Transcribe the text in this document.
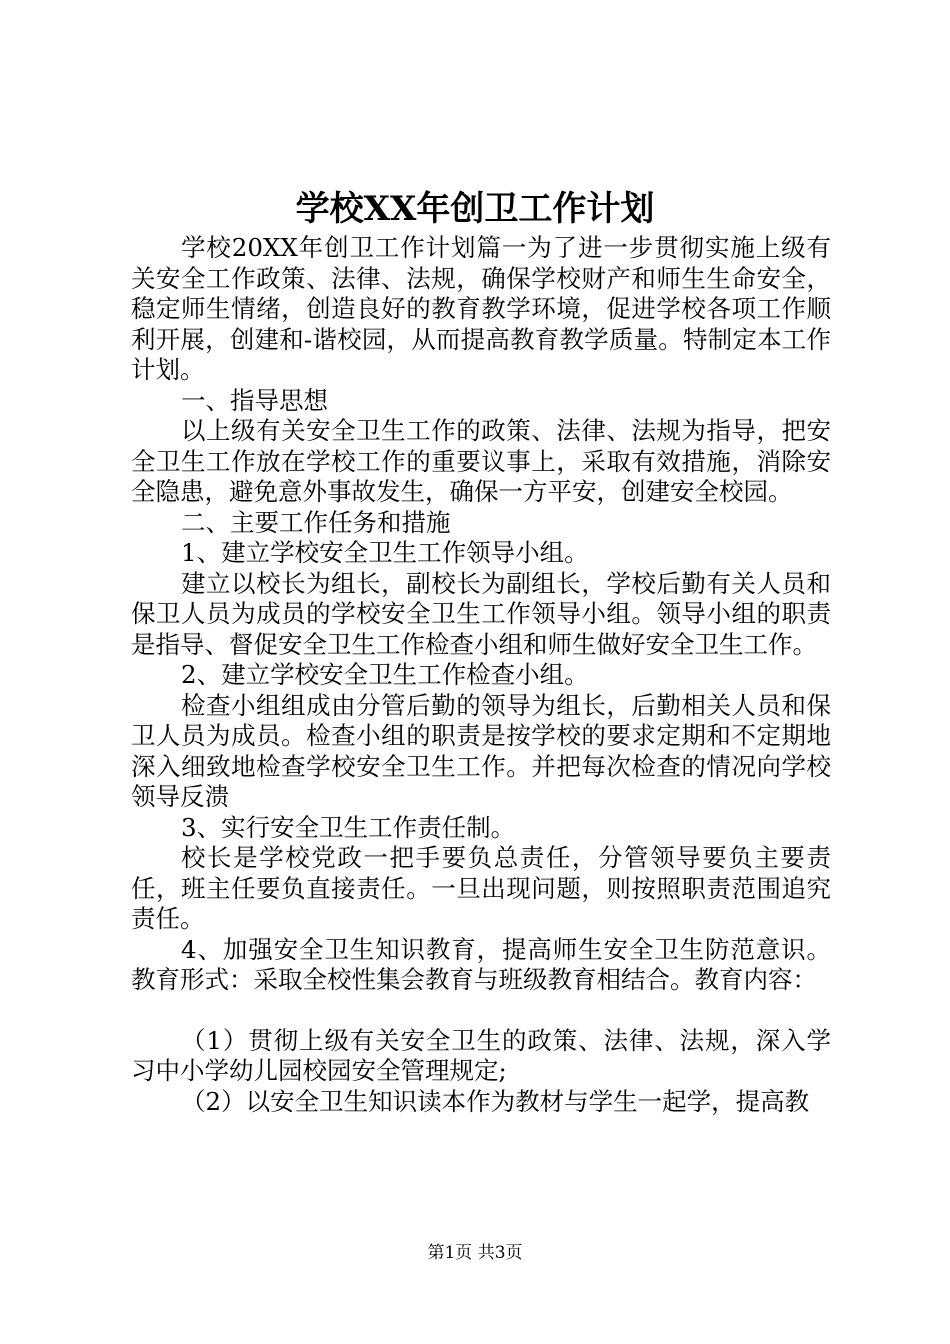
学校XX年创卫工作计划

学校20XX年创卫工作计划篇一为了进一步贯彻实施上级有关安全工作政策、法律、法规，确保学校财产和师生生命安全，稳定师生情绪，创造良好的教育教学环境，促进学校各项工作顺利开展，创建和-谐校园，从而提高教育教学质量。特制定本工作计划。

一、指导思想

以上级有关安全卫生工作的政策、法律、法规为指导，把安全卫生工作放在学校工作的重要议事上，采取有效措施，消除安全隐患，避免意外事故发生，确保一方平安，创建安全校园。

二、主要工作任务和措施

1、建立学校安全卫生工作领导小组。

建立以校长为组长，副校长为副组长，学校后勤有关人员和保卫人员为成员的学校安全卫生工作领导小组。领导小组的职责是指导、督促安全卫生工作检查小组和师生做好安全卫生工作。

2、建立学校安全卫生工作检查小组。

检查小组组成由分管后勤的领导为组长，后勤相关人员和保卫人员为成员。检查小组的职责是按学校的要求定期和不定期地深入细致地检查学校安全卫生工作。并把每次检查的情况向学校领导反溃

3、实行安全卫生工作责任制。

校长是学校党政一把手要负总责任，分管领导要负主要责任，班主任要负直接责任。一旦出现问题，则按照职责范围追究责任。

4、加强安全卫生知识教育，提高师生安全卫生防范意识。教育形式：采取全校性集会教育与班级教育相结合。教育内容：

（1）贯彻上级有关安全卫生的政策、法律、法规，深入学习中小学幼儿园校园安全管理规定;

（2）以安全卫生知识读本作为教材与学生一起学，提高教

第1页 共3页
